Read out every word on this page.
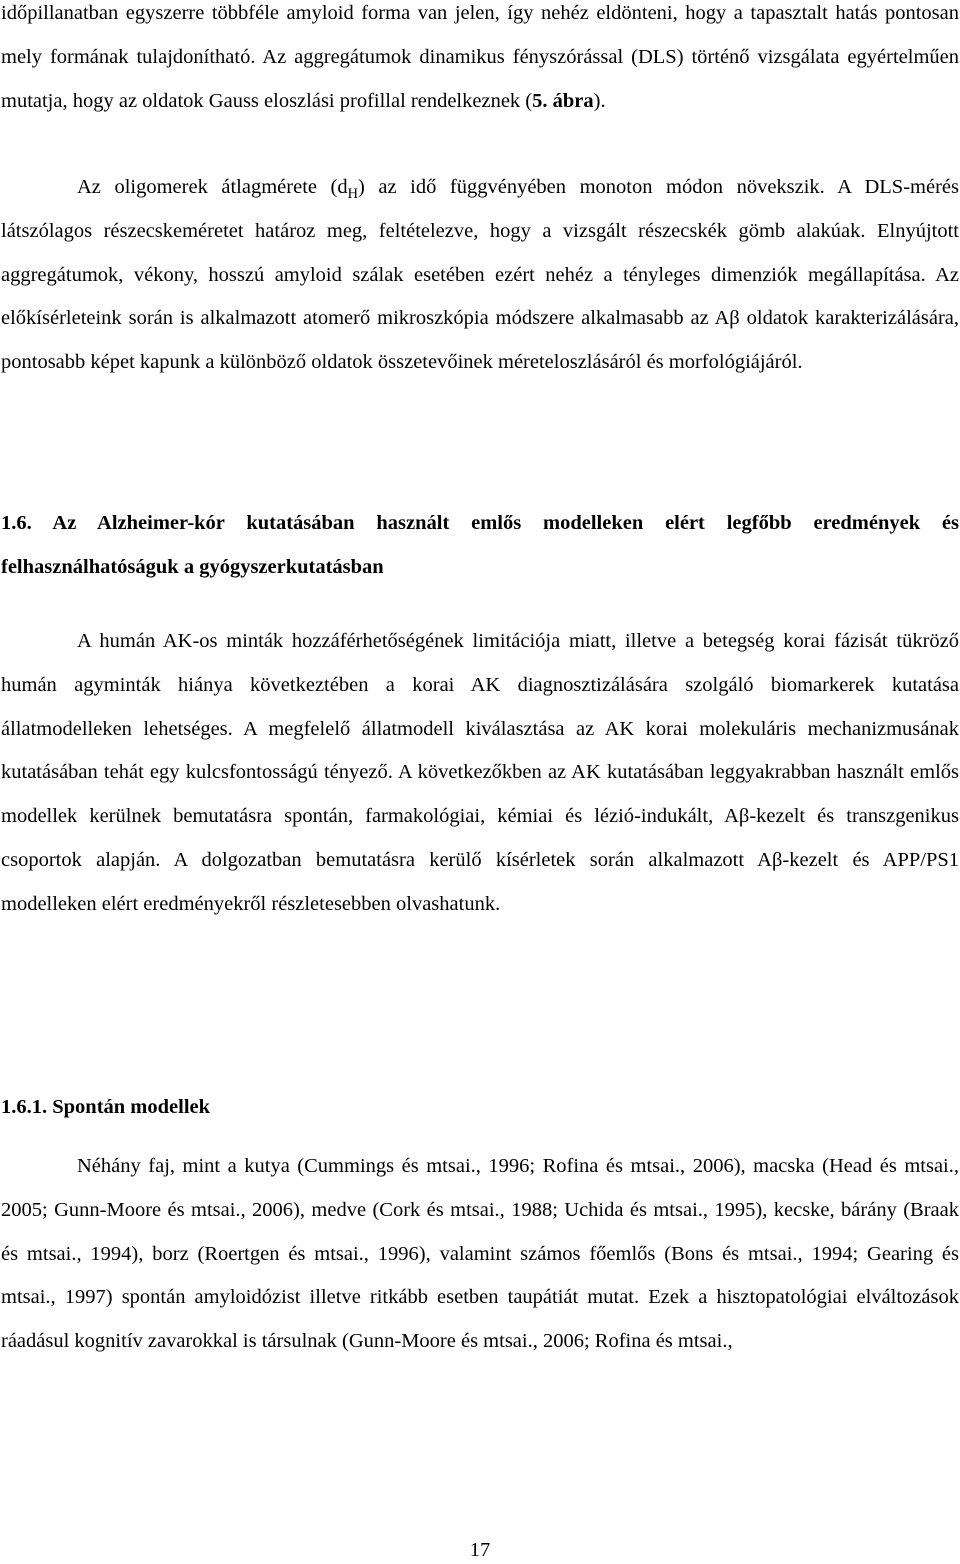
időpillanatban egyszerre többféle amyloid forma van jelen, így nehéz eldönteni, hogy a tapasztalt hatás pontosan mely formának tulajdonítható. Az aggregátumok dinamikus fényszórással (DLS) történő vizsgálata egyértelműen mutatja, hogy az oldatok Gauss eloszlási profillal rendelkeznek (5. ábra).

Az oligomerek átlagmérete $(d_H)$ az idő függvényében monoton módon növekszik. A DLS-mérés látszólagos részecskeméretet határoz meg, feltételezve, hogy a vizsgált részecskék gömb alakúak. Elnyújtott aggregátumok, vékony, hosszú amyloid szálak esetében ezért nehéz a tényleges dimenziók megállapítása. Az előkísérleteink során is alkalmazott atomerő mikroszkópia módszere alkalmasabb az Aβ oldatok karakterizálására, pontosabb képet kapunk a különböző oldatok összetevőinek méreteloszlásáról és morfológiájáról.

1.6. Az Alzheimer-kór kutatásában használt emlős modelleken elért legfőbb eredmények és felhasználhatóságuk a gyógyszerkutatásban

A humán AK-os minták hozzáférhetőségének limitációja miatt, illetve a betegség korai fázisát tükröző humán agyminták hiánya következtében a korai AK diagnosztizálására szolgáló biomarkerek kutatása állatmodelleken lehetséges. A megfelelő állatmodell kiválasztása az AK korai molekuláris mechanizmusának kutatásában tehát egy kulcsfontosságú tényező. A következőkben az AK kutatásában leggyakrabban használt emlős modellek kerülnek bemutatásra spontán, farmakológiai, kémiai és lézió-indukált, Aβ-kezelt és transzgenikus csoportok alapján. A dolgozatban bemutatásra kerülő kísérletek során alkalmazott Aβ-kezelt és APP/PS1 modelleken elért eredményekről részletesebben olvashatunk.

1.6.1. Spontán modellek

Néhány faj, mint a kutya (Cummings és mtsai., 1996; Rofina és mtsai., 2006), macska (Head és mtsai., 2005; Gunn-Moore és mtsai., 2006), medve (Cork és mtsai., 1988; Uchida és mtsai., 1995), kecske, bárány (Braak és mtsai., 1994), borz (Roertgen és mtsai., 1996), valamint számos főemlős (Bons és mtsai., 1994; Gearing és mtsai., 1997) spontán amyloidózist illetve ritkább esetben taupátiát mutat. Ezek a hisztopatológiai elváltozások ráadásul kognitív zavarokkal is társulnak (Gunn-Moore és mtsai., 2006; Rofina és mtsai.,

17
